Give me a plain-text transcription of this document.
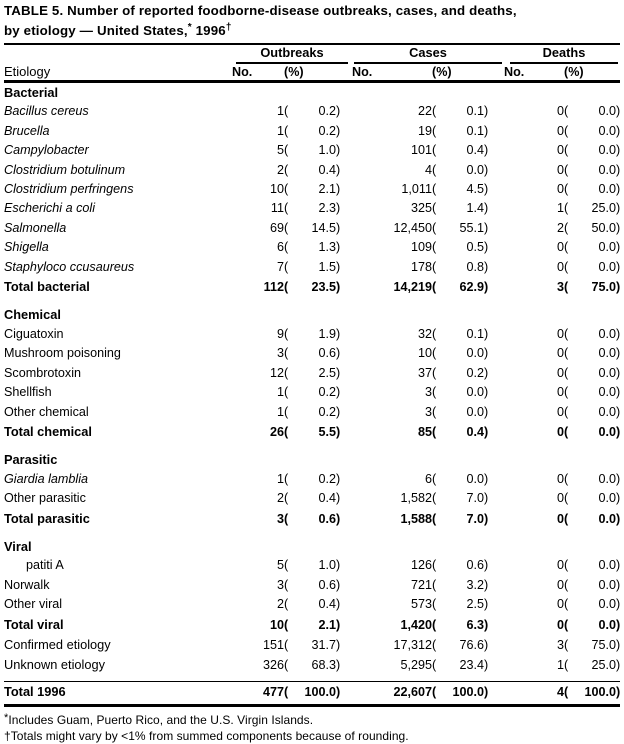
TABLE 5. Number of reported foodborne-disease outbreaks, cases, and deaths,
by etiology — United States,* 1996†

	Outbreaks		Cases		Deaths	

Etiology	No.	(%)	No.	(%)	No.	(%)
Bacterial						
Bacillus cereus	1	( 0.2)	22	( 0.1)	0	( 0.0)
Brucella	1	( 0.2)	19	( 0.1)	0	( 0.0)
Campylobacter	5	( 1.0)	101	( 0.4)	0	( 0.0)
Clostridium botulinum	2	( 0.4)	4	( 0.0)	0	( 0.0)
Clostridium perfringens	10	( 2.1)	1,011	( 4.5)	0	( 0.0)
Escherichi a coli	11	( 2.3)	325	( 1.4)	1	( 25.0)
Salmonella	69	( 14.5)	12,450	( 55.1)	2	( 50.0)
Shigella	6	( 1.3)	109	( 0.5)	0	( 0.0)
Staphyloco ccusaureus	7	( 1.5)	178	( 0.8)	0	( 0.0)
Total bacterial	112	( 23.5)	14,219	( 62.9)	3	( 75.0)

Chemical						
Ciguatoxin	9	( 1.9)	32	( 0.1)	0	( 0.0)
Mushroom poisoning	3	( 0.6)	10	( 0.0)	0	( 0.0)
Scombrotoxin	12	( 2.5)	37	( 0.2)	0	( 0.0)
Shellfish	1	( 0.2)	3	( 0.0)	0	( 0.0)
Other chemical	1	( 0.2)	3	( 0.0)	0	( 0.0)
Total chemical	26	( 5.5)	85	( 0.4)	0	( 0.0)

Parasitic						
Giardia lamblia	1	( 0.2)	6	( 0.0)	0	( 0.0)
Other parasitic	2	( 0.4)	1,582	( 7.0)	0	( 0.0)
Total parasitic	3	( 0.6)	1,588	( 7.0)	0	( 0.0)

Viral						
patiti A	5	( 1.0)	126	( 0.6)	0	( 0.0)
Norwalk	3	( 0.6)	721	( 3.2)	0	( 0.0)
Other viral	2	( 0.4)	573	( 2.5)	0	( 0.0)
Total viral	10	( 2.1)	1,420	( 6.3)	0	( 0.0)
Confirmed etiology	151	( 31.7)	17,312	( 76.6)	3	( 75.0)
Unknown etiology	326	( 68.3)	5,295	( 23.4)	1	( 25.0)

Total 1996	477	( 100.0)	22,607	( 100.0)	4	( 100.0)
*Includes Guam, Puerto Rico, and the U.S. Virgin Islands.
†Totals might vary by <1% from summed components because of rounding.
